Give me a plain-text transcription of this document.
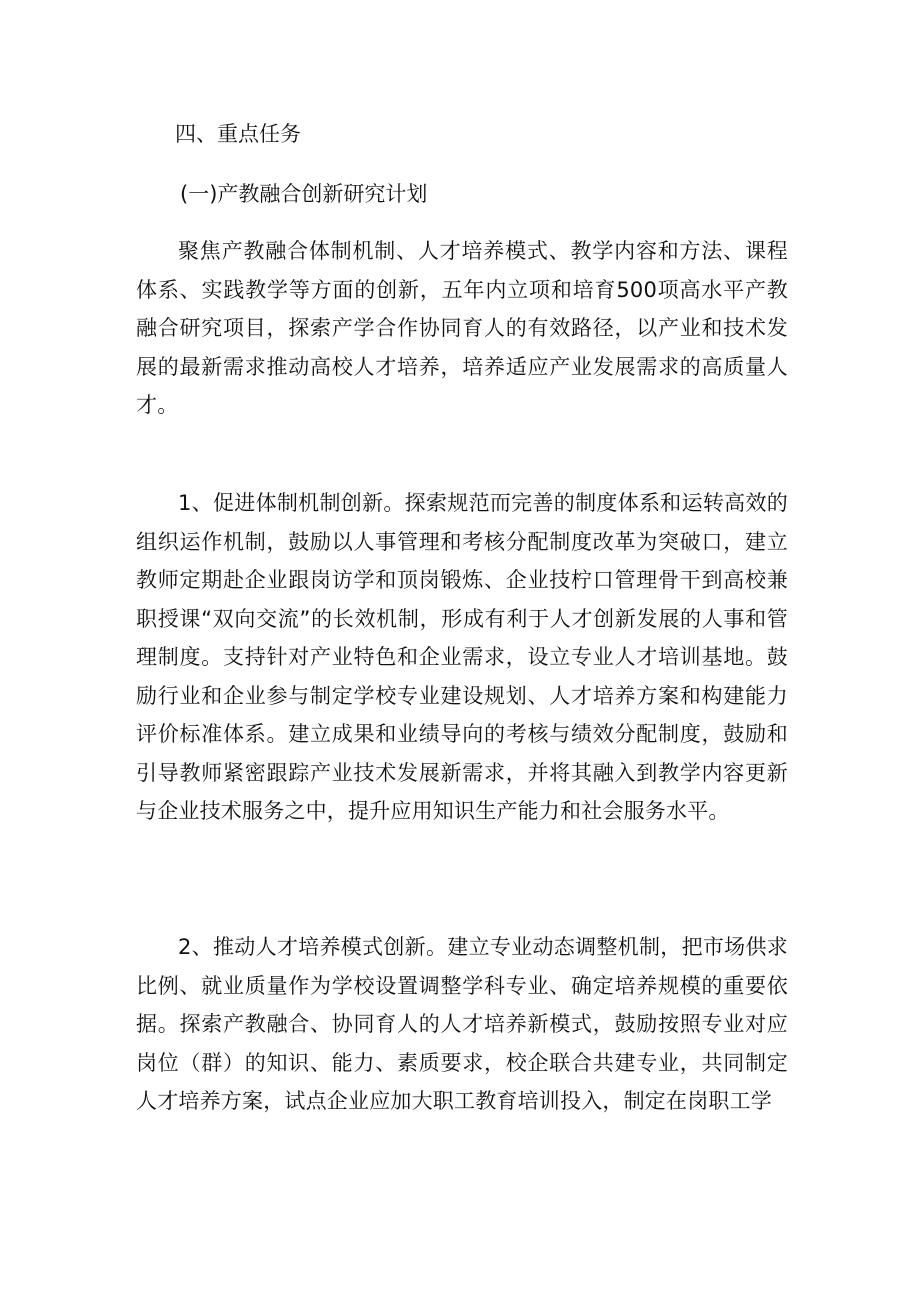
四、重点任务
(一)产教融合创新研究计划

聚焦产教融合体制机制、人才培养模式、教学内容和方法、课程体系、实践教学等方面的创新，五年内立项和培育500项高水平产教融合研究项目，探索产学合作协同育人的有效路径，以产业和技术发展的最新需求推动高校人才培养，培养适应产业发展需求的高质量人才。

1、促进体制机制创新。探索规范而完善的制度体系和运转高效的组织运作机制，鼓励以人事管理和考核分配制度改革为突破口，建立教师定期赴企业跟岗访学和顶岗锻炼、企业技柠口管理骨干到高校兼职授课“双向交流”的长效机制，形成有利于人才创新发展的人事和管理制度。支持针对产业特色和企业需求，设立专业人才培训基地。鼓励行业和企业参与制定学校专业建设规划、人才培养方案和构建能力评价标准体系。建立成果和业绩导向的考核与绩效分配制度，鼓励和引导教师紧密跟踪产业技术发展新需求，并将其融入到教学内容更新与企业技术服务之中，提升应用知识生产能力和社会服务水平。

2、推动人才培养模式创新。建立专业动态调整机制，把市场供求比例、就业质量作为学校设置调整学科专业、确定培养规模的重要依据。探索产教融合、协同育人的人才培养新模式，鼓励按照专业对应岗位（群）的知识、能力、素质要求，校企联合共建专业，共同制定人才培养方案，试点企业应加大职工教育培训投入，制定在岗职工学
